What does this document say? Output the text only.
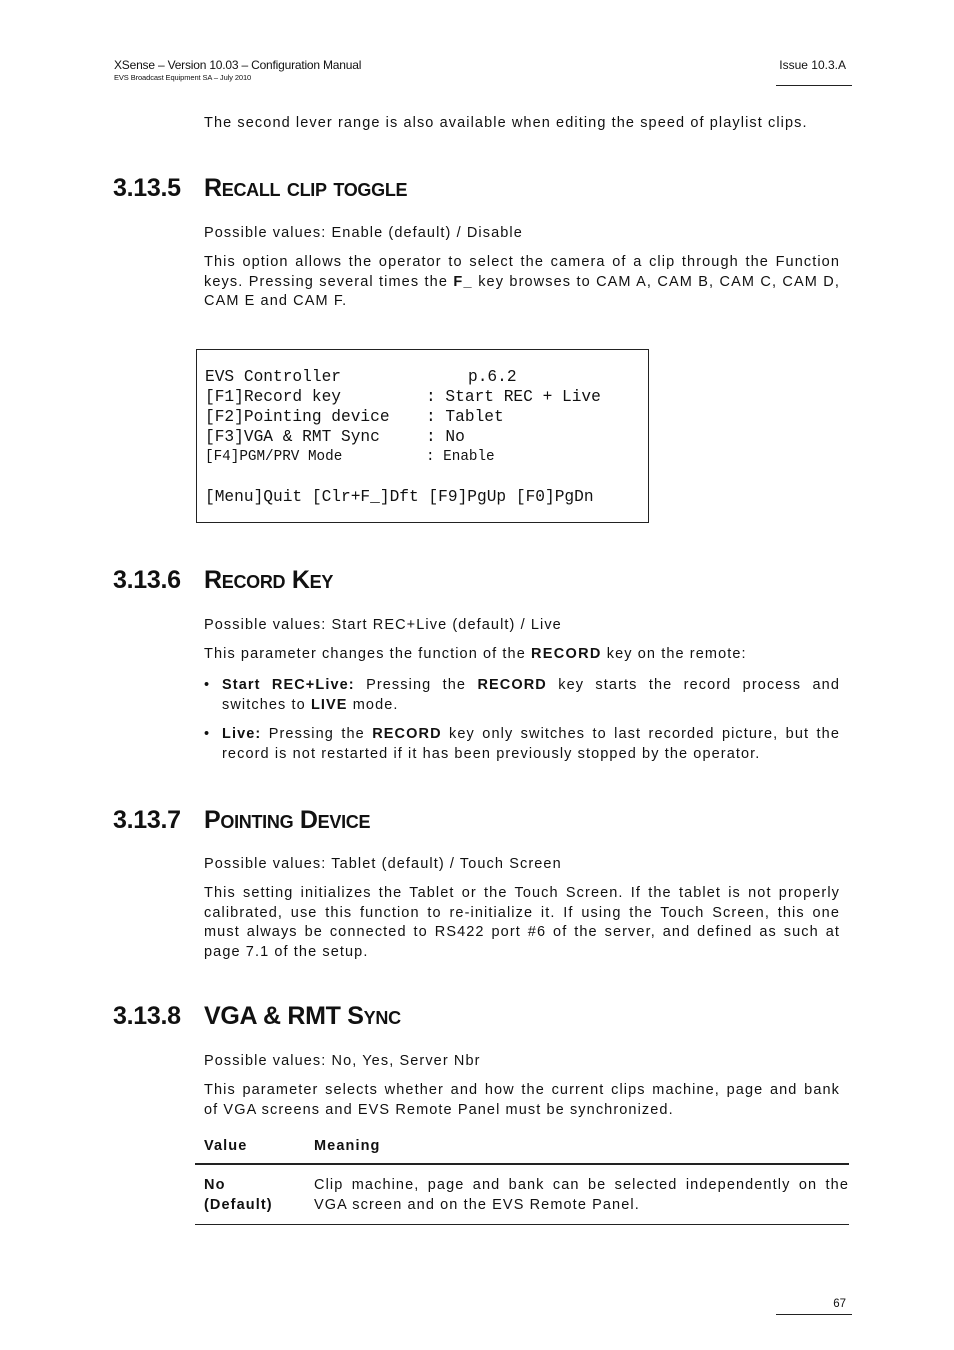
XSense – Version 10.03 – Configuration Manual
EVS Broadcast Equipment SA – July 2010
Issue 10.3.A
The second lever range is also available when editing the speed of playlist clips.
3.13.5 Recall clip toggle
Possible values: Enable (default) / Disable
This option allows the operator to select the camera of a clip through the Function keys. Pressing several times the F_ key browses to CAM A, CAM B, CAM C, CAM D, CAM E and CAM F.
EVS Controller	p.6.2
[F1]Record key	: Start REC + Live
[F2]Pointing device : Tablet
[F3]VGA & RMT Sync	: No
[F4]PGM/PRV Mode	: Enable
[Menu]Quit [Clr+F_]Dft [F9]PgUp [F0]PgDn
3.13.6 Record Key
Possible values: Start REC+Live (default) / Live
This parameter changes the function of the RECORD key on the remote:
• Start REC+Live: Pressing the RECORD key starts the record process and switches to LIVE mode.
• Live: Pressing the RECORD key only switches to last recorded picture, but the record is not restarted if it has been previously stopped by the operator.
3.13.7 Pointing Device
Possible values: Tablet (default) / Touch Screen
This setting initializes the Tablet or the Touch Screen. If the tablet is not properly calibrated, use this function to re-initialize it. If using the Touch Screen, this one must always be connected to RS422 port #6 of the server, and defined as such at page 7.1 of the setup.
3.13.8 VGA & RMT Sync
Possible values: No, Yes, Server Nbr
This parameter selects whether and how the current clips machine, page and bank of VGA screens and EVS Remote Panel must be synchronized.
Value	Meaning
No
(Default)	Clip machine, page and bank can be selected independently on the VGA screen and on the EVS Remote Panel.
67
